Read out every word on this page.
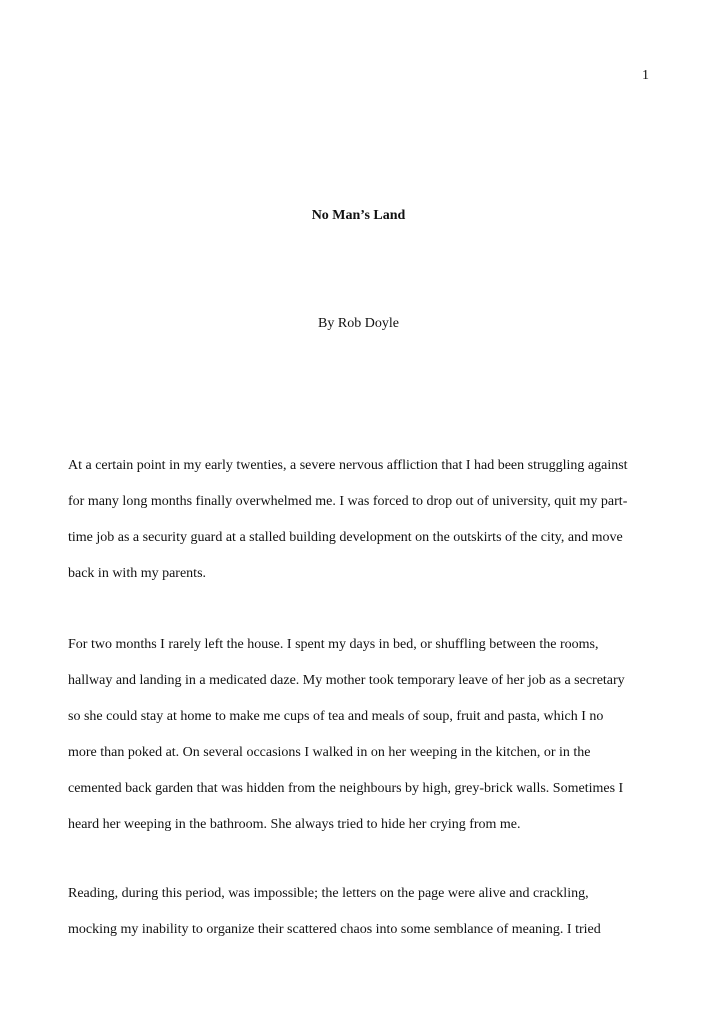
1
No Man’s Land
By Rob Doyle
At a certain point in my early twenties, a severe nervous affliction that I had been struggling against
for many long months finally overwhelmed me. I was forced to drop out of university, quit my part-
time job as a security guard at a stalled building development on the outskirts of the city, and move
back in with my parents.
For two months I rarely left the house. I spent my days in bed, or shuffling between the rooms,
hallway and landing in a medicated daze. My mother took temporary leave of her job as a secretary
so she could stay at home to make me cups of tea and meals of soup, fruit and pasta, which I no
more than poked at. On several occasions I walked in on her weeping in the kitchen, or in the
cemented back garden that was hidden from the neighbours by high, grey-brick walls. Sometimes I
heard her weeping in the bathroom. She always tried to hide her crying from me.
Reading, during this period, was impossible; the letters on the page were alive and crackling,
mocking my inability to organize their scattered chaos into some semblance of meaning. I tried
